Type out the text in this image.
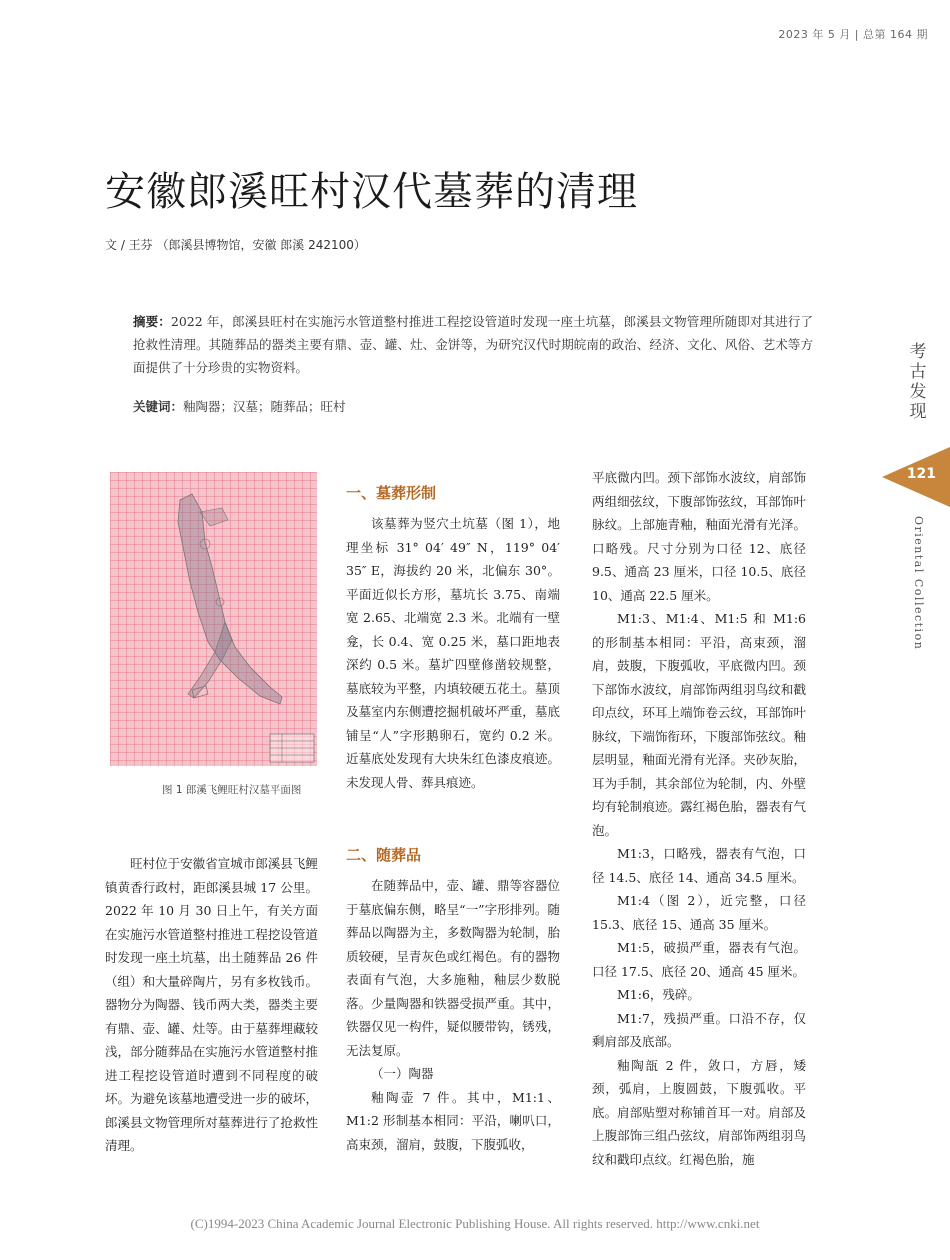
2023 年 5 月 | 总第 164 期
安徽郎溪旺村汉代墓葬的清理
文 / 王芬 （郎溪县博物馆，安徽 郎溪 242100）
摘要：2022 年，郎溪县旺村在实施污水管道整村推进工程挖设管道时发现一座土坑墓，郎溪县文物管理所随即对其进行了抢救性清理。其随葬品的器类主要有鼎、壶、罐、灶、金饼等，为研究汉代时期皖南的政治、经济、文化、风俗、艺术等方面提供了十分珍贵的实物资料。
关键词：釉陶器；汉墓；随葬品；旺村
考古发现
121
Oriental Collection
图 1 郎溪飞鲤旺村汉墓平面图

旺村位于安徽省宣城市郎溪县飞鲤镇黄香行政村，距郎溪县城 17 公里。2022 年 10 月 30 日上午，有关方面在实施污水管道整村推进工程挖设管道时发现一座土坑墓，出土随葬品 26 件（组）和大量碎陶片，另有多枚钱币。器物分为陶器、钱币两大类，器类主要有鼎、壶、罐、灶等。由于墓葬埋藏较浅，部分随葬品在实施污水管道整村推进工程挖设管道时遭到不同程度的破坏。为避免该墓地遭受进一步的破坏，郎溪县文物管理所对墓葬进行了抢救性清理。

一、墓葬形制

该墓葬为竖穴土坑墓（图 1），地理坐标 31° 04′ 49″ N，119° 04′ 35″ E，海拔约 20 米，北偏东 30°。平面近似长方形，墓坑长 3.75、南端宽 2.65、北端宽 2.3 米。北端有一壁龛，长 0.4、宽 0.25 米，墓口距地表深约 0.5 米。墓圹四壁修凿较规整，墓底较为平整，内填较硬五花土。墓顶及墓室内东侧遭挖掘机破坏严重，墓底铺呈“人”字形鹅卵石，宽约 0.2 米。近墓底处发现有大块朱红色漆皮痕迹。未发现人骨、葬具痕迹。

二、随葬品

在随葬品中，壶、罐、鼎等容器位于墓底偏东侧，略呈“一”字形排列。随葬品以陶器为主，多数陶器为轮制，胎质较硬，呈青灰色或红褐色。有的器物表面有气泡，大多施釉，釉层少数脱落。少量陶器和铁器受损严重。其中，铁器仅见一构件，疑似腰带钩，锈残，无法复原。

（一）陶器

釉陶壶 7 件。其中，M1:1、M1:2 形制基本相同：平沿，喇叭口，高束颈，溜肩，鼓腹，下腹弧收，

平底微内凹。颈下部饰水波纹，肩部饰两组细弦纹，下腹部饰弦纹，耳部饰叶脉纹。上部施青釉，釉面光滑有光泽。口略残。尺寸分别为口径 12、底径 9.5、通高 23 厘米，口径 10.5、底径 10、通高 22.5 厘米。

M1:3、M1:4、M1:5 和 M1:6 的形制基本相同：平沿，高束颈，溜肩，鼓腹，下腹弧收，平底微内凹。颈下部饰水波纹，肩部饰两组羽鸟纹和戳印点纹，环耳上端饰卷云纹，耳部饰叶脉纹，下端饰衔环，下腹部饰弦纹。釉层明显，釉面光滑有光泽。夹砂灰胎，耳为手制，其余部位为轮制，内、外壁均有轮制痕迹。露红褐色胎，器表有气泡。

M1:3，口略残，器表有气泡，口径 14.5、底径 14、通高 34.5 厘米。

M1:4（图 2），近完整，口径 15.3、底径 15、通高 35 厘米。

M1:5，破损严重，器表有气泡。口径 17.5、底径 20、通高 45 厘米。

M1:6，残碎。

M1:7，残损严重。口沿不存，仅剩肩部及底部。

釉陶瓿 2 件，敛口，方唇，矮颈，弧肩，上腹圆鼓，下腹弧收。平底。肩部贴塑对称铺首耳一对。肩部及上腹部饰三组凸弦纹，肩部饰两组羽鸟纹和戳印点纹。红褐色胎，施

(C)1994-2023 China Academic Journal Electronic Publishing House. All rights reserved. http://www.cnki.net
